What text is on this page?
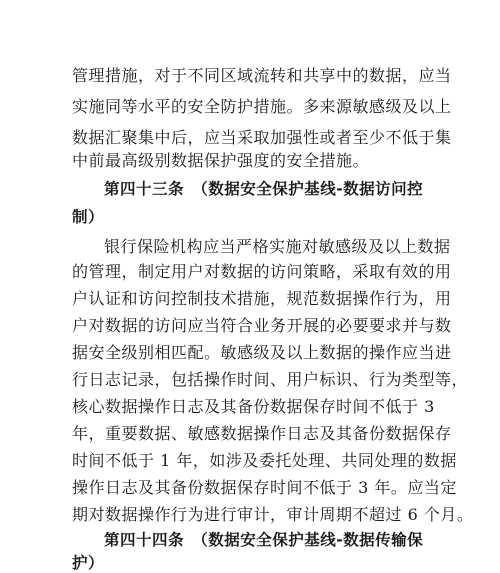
管理措施，对于不同区域流转和共享中的数据，应当
实施同等水平的安全防护措施。多来源敏感级及以上
数据汇聚集中后，应当采取加强性或者至少不低于集
中前最高级别数据保护强度的安全措施。
第四十三条　（数据安全保护基线-数据访问控
制）
银行保险机构应当严格实施对敏感级及以上数据
的管理，制定用户对数据的访问策略，采取有效的用
户认证和访问控制技术措施，规范数据操作行为，用
户对数据的访问应当符合业务开展的必要要求并与数
据安全级别相匹配。敏感级及以上数据的操作应当进
行日志记录，包括操作时间、用户标识、行为类型等，
核心数据操作日志及其备份数据保存时间不低于 3
年，重要数据、敏感数据操作日志及其备份数据保存
时间不低于 1 年，如涉及委托处理、共同处理的数据
操作日志及其备份数据保存时间不低于 3 年。应当定
期对数据操作行为进行审计，审计周期不超过 6 个月。
第四十四条　（数据安全保护基线-数据传输保
护）
